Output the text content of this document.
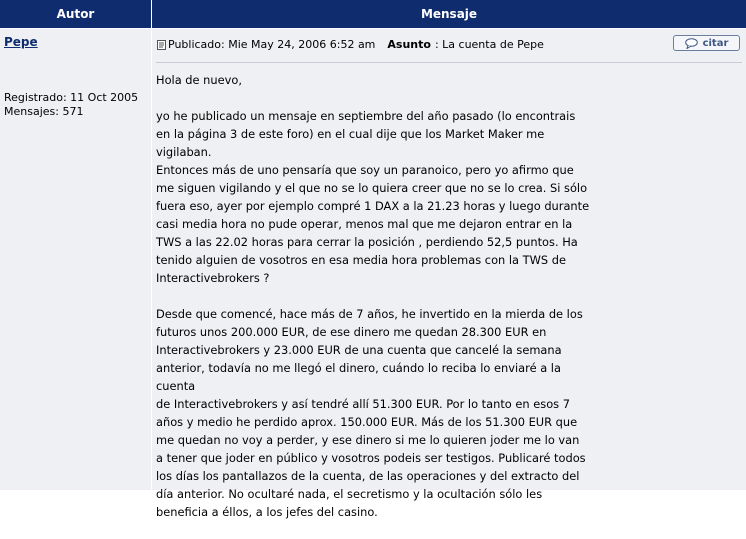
Autor	Mensaje
Pepe
Registrado: 11 Oct 2005
Mensajes: 571
Publicado: Mie May 24, 2006 6:52 am Asunto : La cuenta de Pepe	citar

Hola de nuevo,

yo he publicado un mensaje en septiembre del año pasado (lo encontrais
en la página 3 de este foro) en el cual dije que los Market Maker me vigilaban.
Entonces más de uno pensaría que soy un paranoico, pero yo afirmo que
me siguen vigilando y el que no se lo quiera creer que no se lo crea. Si sólo
fuera eso, ayer por ejemplo compré 1 DAX a la 21.23 horas y luego durante
casi media hora no pude operar, menos mal que me dejaron entrar en la
TWS a las 22.02 horas para cerrar la posición , perdiendo 52,5 puntos. Ha
tenido alguien de vosotros en esa media hora problemas con la TWS de
Interactivebrokers ?

Desde que comencé, hace más de 7 años, he invertido en la mierda de los
futuros unos 200.000 EUR, de ese dinero me quedan 28.300 EUR en
Interactivebrokers y 23.000 EUR de una cuenta que cancelé la semana
anterior, todavía no me llegó el dinero, cuándo lo reciba lo enviaré a la cuenta
de Interactivebrokers y así tendré allí 51.300 EUR. Por lo tanto en esos 7
años y medio he perdido aprox. 150.000 EUR. Más de los 51.300 EUR que
me quedan no voy a perder, y ese dinero si me lo quieren joder me lo van
a tener que joder en público y vosotros podeis ser testigos. Publicaré todos
los días los pantallazos de la cuenta, de las operaciones y del extracto del
día anterior. No ocultaré nada, el secretismo y la ocultación sólo les
beneficia a éllos, a los jefes del casino.
